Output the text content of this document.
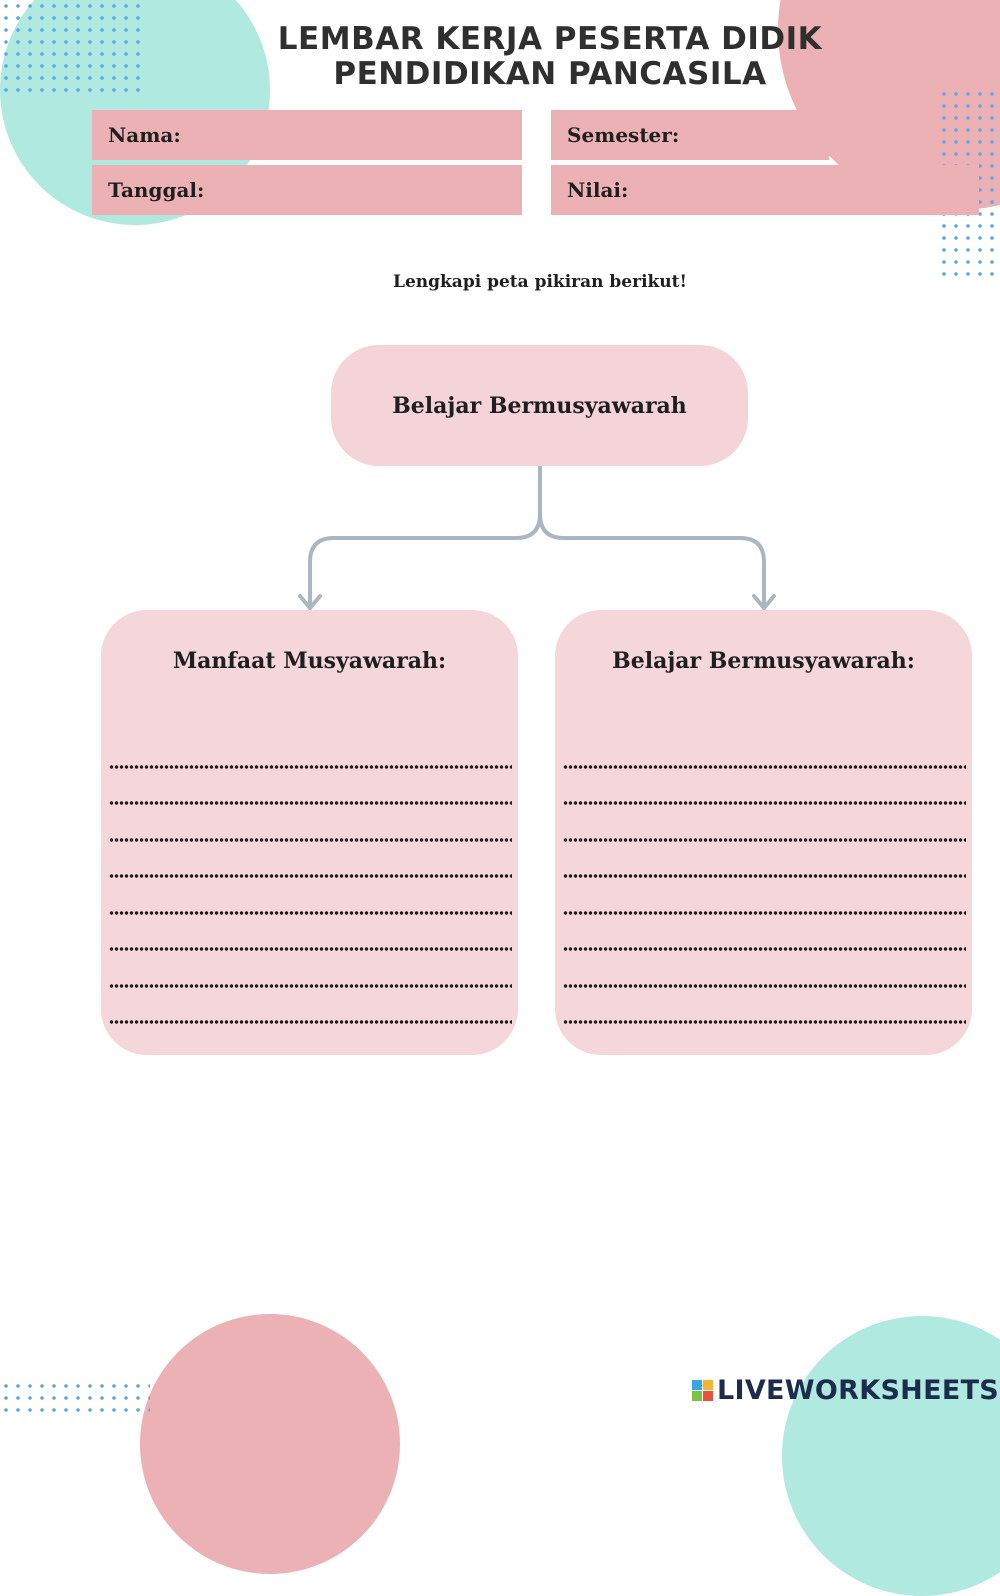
LEMBAR KERJA PESERTA DIDIK
PENDIDIKAN PANCASILA
Nama:	Semester:
Tanggal:	Nilai:
Lengkapi peta pikiran berikut!
Belajar Bermusyawarah
Manfaat Musyawarah:	Belajar Bermusyawarah:
LIVEWORKSHEETS
